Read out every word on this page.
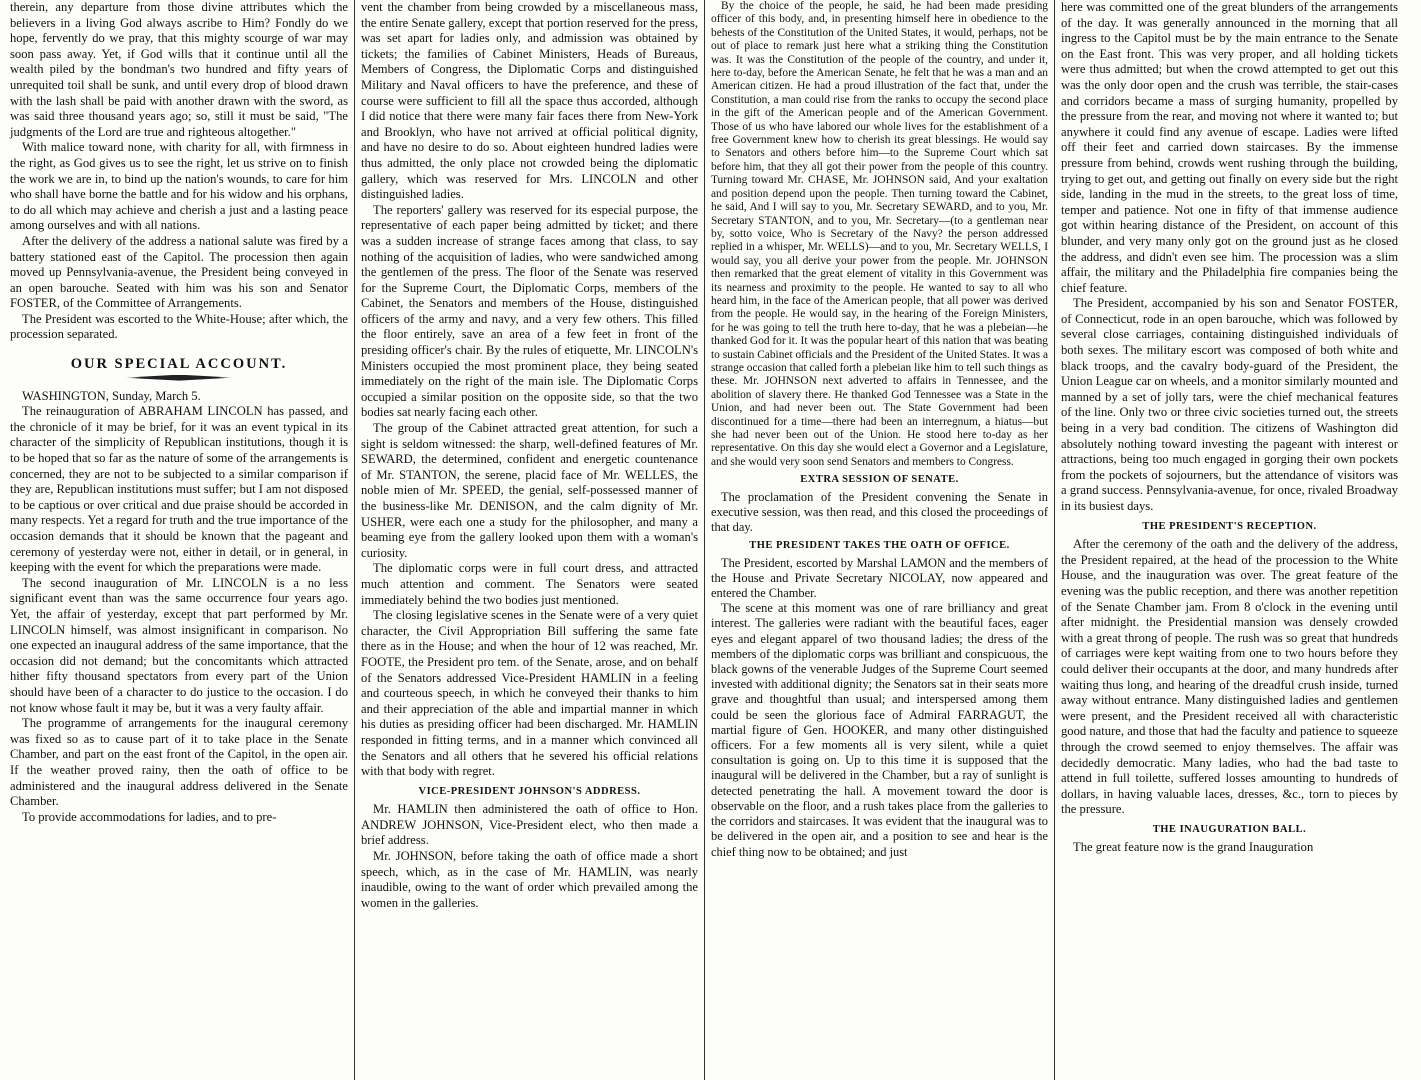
therein, any departure from those divine attributes which the believers in a living God always ascribe to Him? Fondly do we hope, fervently do we pray, that this mighty scourge of war may soon pass away. Yet, if God wills that it continue until all the wealth piled by the bondman's two hundred and fifty years of unrequited toil shall be sunk, and until every drop of blood drawn with the lash shall be paid with another drawn with the sword, as was said three thousand years ago; so, still it must be said, "The judgments of the Lord are true and righteous altogether."

With malice toward none, with charity for all, with firmness in the right, as God gives us to see the right, let us strive on to finish the work we are in, to bind up the nation's wounds, to care for him who shall have borne the battle and for his widow and his orphans, to do all which may achieve and cherish a just and a lasting peace among ourselves and with all nations.

After the delivery of the address a national salute was fired by a battery stationed east of the Capitol. The procession then again moved up Pennsylvania-avenue, the President being conveyed in an open barouche. Seated with him was his son and Senator FOSTER, of the Committee of Arrangements.

The President was escorted to the White-House; after which, the procession separated.

OUR SPECIAL ACCOUNT.

WASHINGTON, Sunday, March 5.

The reinauguration of ABRAHAM LINCOLN has passed, and the chronicle of it may be brief, for it was an event typical in its character of the simplicity of Republican institutions, though it is to be hoped that so far as the nature of some of the arrangements is concerned, they are not to be subjected to a similar comparison if they are, Republican institutions must suffer; but I am not disposed to be captious or over critical and due praise should be accorded in many respects. Yet a regard for truth and the true importance of the occasion demands that it should be known that the pageant and ceremony of yesterday were not, either in detail, or in general, in keeping with the event for which the preparations were made.

The second inauguration of Mr. LINCOLN is a no less significant event than was the same occurrence four years ago. Yet, the affair of yesterday, except that part performed by Mr. LINCOLN himself, was almost insignificant in comparison. No one expected an inaugural address of the same importance, that the occasion did not demand; but the concomitants which attracted hither fifty thousand spectators from every part of the Union should have been of a character to do justice to the occasion. I do not know whose fault it may be, but it was a very faulty affair.

The programme of arrangements for the inaugural ceremony was fixed so as to cause part of it to take place in the Senate Chamber, and part on the east front of the Capitol, in the open air. If the weather proved rainy, then the oath of office to be administered and the inaugural address delivered in the Senate Chamber.

To provide accommodations for ladies, and to pre-

vent the chamber from being crowded by a miscellaneous mass, the entire Senate gallery, except that portion reserved for the press, was set apart for ladies only, and admission was obtained by tickets; the families of Cabinet Ministers, Heads of Bureaus, Members of Congress, the Diplomatic Corps and distinguished Military and Naval officers to have the preference, and these of course were sufficient to fill all the space thus accorded, although I did notice that there were many fair faces there from New-York and Brooklyn, who have not arrived at official political dignity, and have no desire to do so. About eighteen hundred ladies were thus admitted, the only place not crowded being the diplomatic gallery, which was reserved for Mrs. LINCOLN and other distinguished ladies.

The reporters' gallery was reserved for its especial purpose, the representative of each paper being admitted by ticket; and there was a sudden increase of strange faces among that class, to say nothing of the acquisition of ladies, who were sandwiched among the gentlemen of the press. The floor of the Senate was reserved for the Supreme Court, the Diplomatic Corps, members of the Cabinet, the Senators and members of the House, distinguished officers of the army and navy, and a very few others. This filled the floor entirely, save an area of a few feet in front of the presiding officer's chair. By the rules of etiquette, Mr. LINCOLN's Ministers occupied the most prominent place, they being seated immediately on the right of the main isle. The Diplomatic Corps occupied a similar position on the opposite side, so that the two bodies sat nearly facing each other.

The group of the Cabinet attracted great attention, for such a sight is seldom witnessed: the sharp, well-defined features of Mr. SEWARD, the determined, confident and energetic countenance of Mr. STANTON, the serene, placid face of Mr. WELLES, the noble mien of Mr. SPEED, the genial, self-possessed manner of the business-like Mr. DENISON, and the calm dignity of Mr. USHER, were each one a study for the philosopher, and many a beaming eye from the gallery looked upon them with a woman's curiosity.

The diplomatic corps were in full court dress, and attracted much attention and comment. The Senators were seated immediately behind the two bodies just mentioned.

The closing legislative scenes in the Senate were of a very quiet character, the Civil Appropriation Bill suffering the same fate there as in the House; and when the hour of 12 was reached, Mr. FOOTE, the President pro tem. of the Senate, arose, and on behalf of the Senators addressed Vice-President HAMLIN in a feeling and courteous speech, in which he conveyed their thanks to him and their appreciation of the able and impartial manner in which his duties as presiding officer had been discharged. Mr. HAMLIN responded in fitting terms, and in a manner which convinced all the Senators and all others that he severed his official relations with that body with regret.

VICE-PRESIDENT JOHNSON'S ADDRESS.

Mr. HAMLIN then administered the oath of office to Hon. ANDREW JOHNSON, Vice-President elect, who then made a brief address.

Mr. JOHNSON, before taking the oath of office made a short speech, which, as in the case of Mr. HAMLIN, was nearly inaudible, owing to the want of order which prevailed among the women in the galleries.

By the choice of the people, he said, he had been made presiding officer of this body, and, in presenting himself here in obedience to the behests of the Constitution of the United States, it would, perhaps, not be out of place to remark just here what a striking thing the Constitution was. It was the Constitution of the people of the country, and under it, here to-day, before the American Senate, he felt that he was a man and an American citizen. He had a proud illustration of the fact that, under the Constitution, a man could rise from the ranks to occupy the second place in the gift of the American people and of the American Government. Those of us who have labored our whole lives for the establishment of a free Government knew how to cherish its great blessings. He would say to Senators and others before him—to the Supreme Court which sat before him, that they all got their power from the people of this country. Turning toward Mr. CHASE, Mr. JOHNSON said, And your exaltation and position depend upon the people. Then turning toward the Cabinet, he said, And I will say to you, Mr. Secretary SEWARD, and to you, Mr. Secretary STANTON, and to you, Mr. Secretary—(to a gentleman near by, sotto voice, Who is Secretary of the Navy? the person addressed replied in a whisper, Mr. WELLS)—and to you, Mr. Secretary WELLS, I would say, you all derive your power from the people. Mr. JOHNSON then remarked that the great element of vitality in this Government was its nearness and proximity to the people. He wanted to say to all who heard him, in the face of the American people, that all power was derived from the people. He would say, in the hearing of the Foreign Ministers, for he was going to tell the truth here to-day, that he was a plebeian—he thanked God for it. It was the popular heart of this nation that was beating to sustain Cabinet officials and the President of the United States. It was a strange occasion that called forth a plebeian like him to tell such things as these. Mr. JOHNSON next adverted to affairs in Tennessee, and the abolition of slavery there. He thanked God Tennessee was a State in the Union, and had never been out. The State Government had been discontinued for a time—there had been an interregnum, a hiatus—but she had never been out of the Union. He stood here to-day as her representative. On this day she would elect a Governor and a Legislature, and she would very soon send Senators and members to Congress.

EXTRA SESSION OF SENATE.

The proclamation of the President convening the Senate in executive session, was then read, and this closed the proceedings of that day.

THE PRESIDENT TAKES THE OATH OF OFFICE.

The President, escorted by Marshal LAMON and the members of the House and Private Secretary NICOLAY, now appeared and entered the Chamber.

The scene at this moment was one of rare brilliancy and great interest. The galleries were radiant with the beautiful faces, eager eyes and elegant apparel of two thousand ladies; the dress of the members of the diplomatic corps was brilliant and conspicuous, the black gowns of the venerable Judges of the Supreme Court seemed invested with additional dignity; the Senators sat in their seats more grave and thoughtful than usual; and interspersed among them could be seen the glorious face of Admiral FARRAGUT, the martial figure of Gen. HOOKER, and many other distinguished officers. For a few moments all is very silent, while a quiet consultation is going on. Up to this time it is supposed that the inaugural will be delivered in the Chamber, but a ray of sunlight is detected penetrating the hall. A movement toward the door is observable on the floor, and a rush takes place from the galleries to the corridors and staircases. It was evident that the inaugural was to be delivered in the open air, and a position to see and hear is the chief thing now to be obtained; and just

here was committed one of the great blunders of the arrangements of the day. It was generally announced in the morning that all ingress to the Capitol must be by the main entrance to the Senate on the East front. This was very proper, and all holding tickets were thus admitted; but when the crowd attempted to get out this was the only door open and the crush was terrible, the stair-cases and corridors became a mass of surging humanity, propelled by the pressure from the rear, and moving not where it wanted to; but anywhere it could find any avenue of escape. Ladies were lifted off their feet and carried down staircases. By the immense pressure from behind, crowds went rushing through the building, trying to get out, and getting out finally on every side but the right side, landing in the mud in the streets, to the great loss of time, temper and patience. Not one in fifty of that immense audience got within hearing distance of the President, on account of this blunder, and very many only got on the ground just as he closed the address, and didn't even see him. The procession was a slim affair, the military and the Philadelphia fire companies being the chief feature.

The President, accompanied by his son and Senator FOSTER, of Connecticut, rode in an open barouche, which was followed by several close carriages, containing distinguished individuals of both sexes. The military escort was composed of both white and black troops, and the cavalry body-guard of the President, the Union League car on wheels, and a monitor similarly mounted and manned by a set of jolly tars, were the chief mechanical features of the line. Only two or three civic societies turned out, the streets being in a very bad condition. The citizens of Washington did absolutely nothing toward investing the pageant with interest or attractions, being too much engaged in gorging their own pockets from the pockets of sojourners, but the attendance of visitors was a grand success. Pennsylvania-avenue, for once, rivaled Broadway in its busiest days.

THE PRESIDENT'S RECEPTION.

After the ceremony of the oath and the delivery of the address, the President repaired, at the head of the procession to the White House, and the inauguration was over. The great feature of the evening was the public reception, and there was another repetition of the Senate Chamber jam. From 8 o'clock in the evening until after midnight. the Presidential mansion was densely crowded with a great throng of people. The rush was so great that hundreds of carriages were kept waiting from one to two hours before they could deliver their occupants at the door, and many hundreds after waiting thus long, and hearing of the dreadful crush inside, turned away without entrance. Many distinguished ladies and gentlemen were present, and the President received all with characteristic good nature, and those that had the faculty and patience to squeeze through the crowd seemed to enjoy themselves. The affair was decidedly democratic. Many ladies, who had the bad taste to attend in full toilette, suffered losses amounting to hundreds of dollars, in having valuable laces, dresses, &c., torn to pieces by the pressure.

THE INAUGURATION BALL.

The great feature now is the grand Inauguration
